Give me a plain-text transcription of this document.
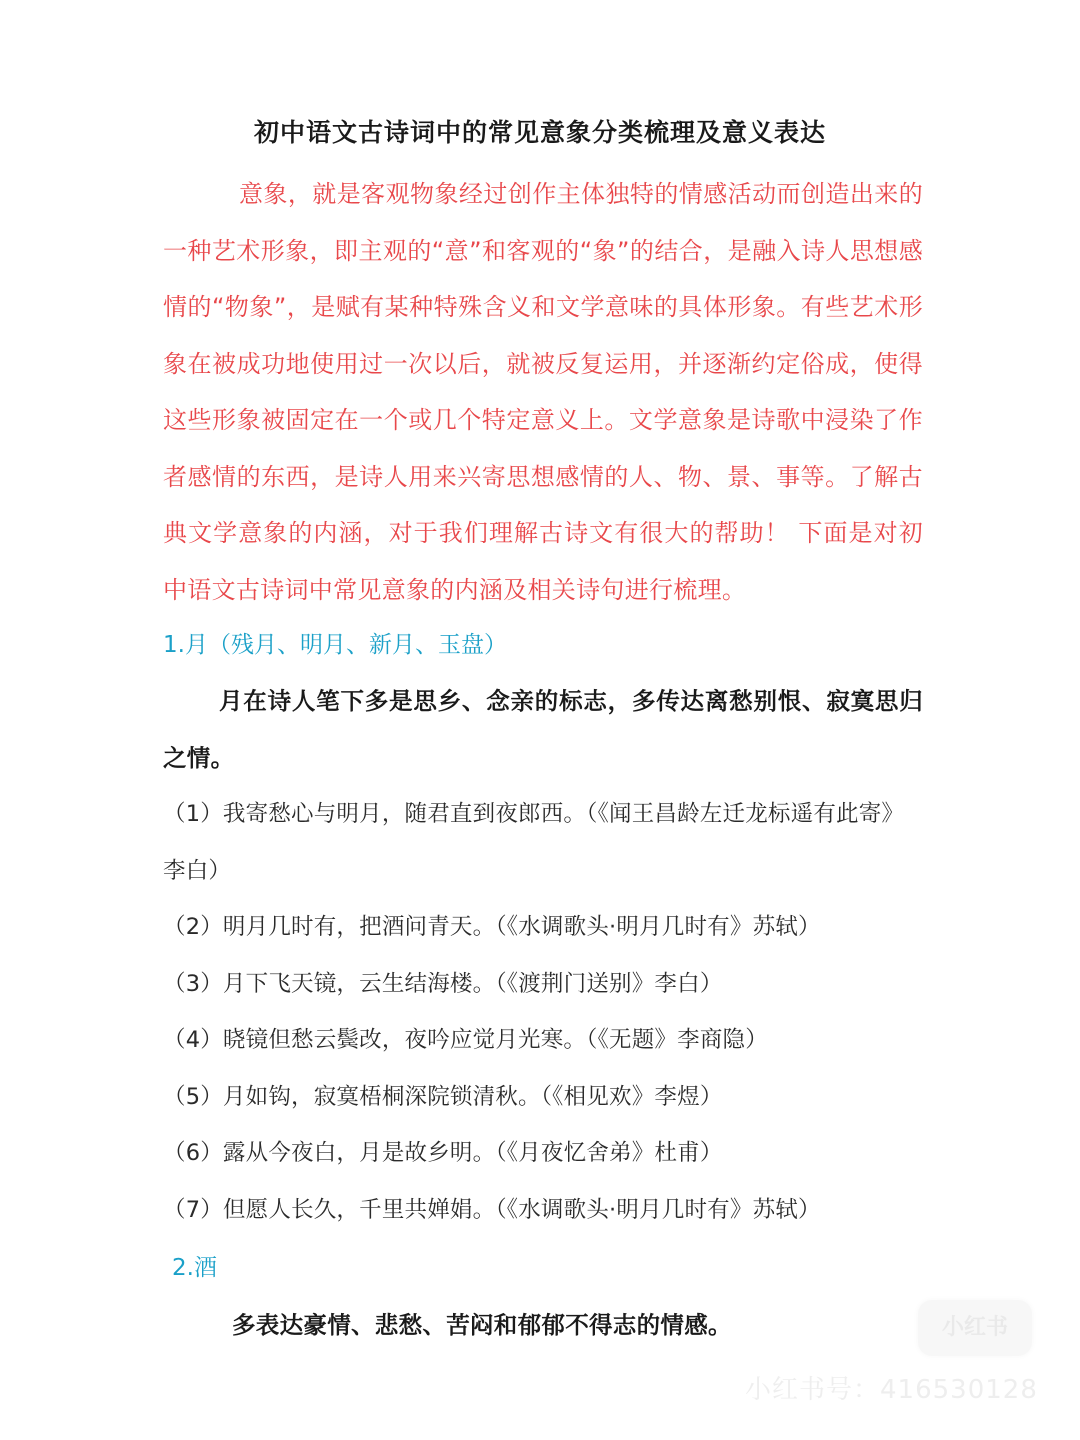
初中语文古诗词中的常见意象分类梳理及意义表达

意象，就是客观物象经过创作主体独特的情感活动而创造出来的一种艺术形象，即主观的“意”和客观的“象”的结合，是融入诗人思想感情的“物象”，是赋有某种特殊含义和文学意味的具体形象。有些艺术形象在被成功地使用过一次以后，就被反复运用，并逐渐约定俗成，使得这些形象被固定在一个或几个特定意义上。文学意象是诗歌中浸染了作者感情的东西，是诗人用来兴寄思想感情的人、物、景、事等。了解古典文学意象的内涵，对于我们理解古诗文有很大的帮助！ 下面是对初中语文古诗词中常见意象的内涵及相关诗句进行梳理。

1.月（残月、明月、新月、玉盘）

月在诗人笔下多是思乡、念亲的标志，多传达离愁别恨、寂寞思归之情。

（1）我寄愁心与明月，随君直到夜郎西。（《闻王昌龄左迁龙标遥有此寄》李白）
（2）明月几时有，把酒问青天。（《水调歌头·明月几时有》苏轼）
（3）月下飞天镜，云生结海楼。（《渡荆门送别》李白）
（4）晓镜但愁云鬓改，夜吟应觉月光寒。（《无题》李商隐）
（5）月如钩，寂寞梧桐深院锁清秋。（《相见欢》李煜）
（6）露从今夜白，月是故乡明。（《月夜忆舍弟》杜甫）
（7）但愿人长久，千里共婵娟。（《水调歌头·明月几时有》苏轼）

2.酒

多表达豪情、悲愁、苦闷和郁郁不得志的情感。	小红书
小红书号：416530128
